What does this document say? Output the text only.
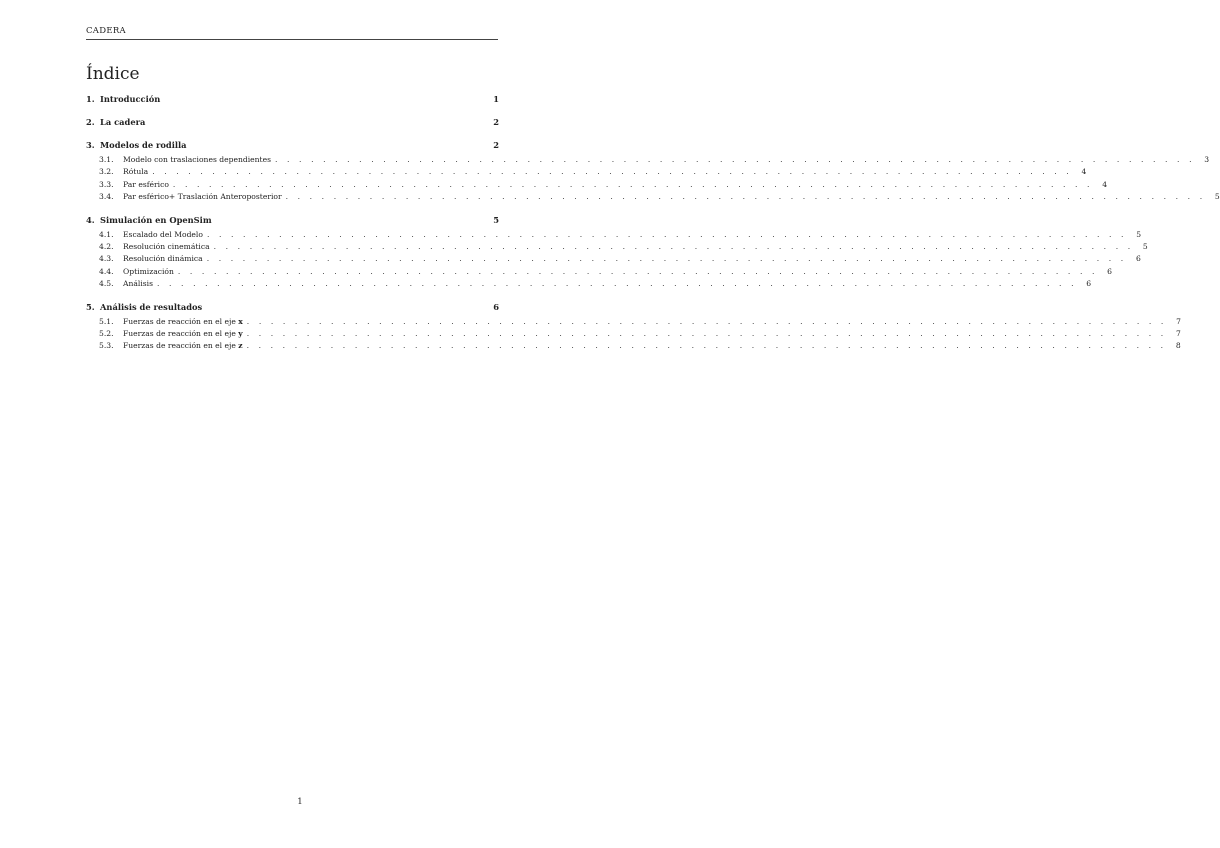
CADERA
Índice
1. Introducción	1
2. La cadera	2
3. Modelos de rodilla	2
3.1.	Modelo con traslaciones dependientes . . . . . . . . . . . . . . . . . . . . . . . . . . . . . . . . . . . . . . . . . . . . . . . . . . . . . . . . . . . . . . . . . . . . . . . . . . . . .	3
3.2.	Rótula . . . . . . . . . . . . . . . . . . . . . . . . . . . . . . . . . . . . . . . . . . . . . . . . . . . . . . . . . . . . . . . . . . . . . . . . . . . . .	4
3.3.	Par esférico . . . . . . . . . . . . . . . . . . . . . . . . . . . . . . . . . . . . . . . . . . . . . . . . . . . . . . . . . . . . . . . . . . . . . . . . . . . . .	4
3.4.	Par esférico+ Traslación Anteroposterior . . . . . . . . . . . . . . . . . . . . . . . . . . . . . . . . . . . . . . . . . . . . . . . . . . . . . . . . . . . . . . . . . . . . . . . . . . . . .	5
4. Simulación en OpenSim	5
4.1.	Escalado del Modelo . . . . . . . . . . . . . . . . . . . . . . . . . . . . . . . . . . . . . . . . . . . . . . . . . . . . . . . . . . . . . . . . . . . . . . . . . . . . .	5
4.2.	Resolución cinemática . . . . . . . . . . . . . . . . . . . . . . . . . . . . . . . . . . . . . . . . . . . . . . . . . . . . . . . . . . . . . . . . . . . . . . . . . . . . .	5
4.3.	Resolución dinámica . . . . . . . . . . . . . . . . . . . . . . . . . . . . . . . . . . . . . . . . . . . . . . . . . . . . . . . . . . . . . . . . . . . . . . . . . . . . .	6
4.4.	Optimización . . . . . . . . . . . . . . . . . . . . . . . . . . . . . . . . . . . . . . . . . . . . . . . . . . . . . . . . . . . . . . . . . . . . . . . . . . . . .	6
4.5.	Análisis . . . . . . . . . . . . . . . . . . . . . . . . . . . . . . . . . . . . . . . . . . . . . . . . . . . . . . . . . . . . . . . . . . . . . . . . . . . . .	6
5. Análisis de resultados	6
5.1.	Fuerzas de reacción en el eje x . . . . . . . . . . . . . . . . . . . . . . . . . . . . . . . . . . . . . . . . . . . . . . . . . . . . . . . . . . . . . . . . . . . . . . . . . . . . .	7
5.2.	Fuerzas de reacción en el eje y . . . . . . . . . . . . . . . . . . . . . . . . . . . . . . . . . . . . . . . . . . . . . . . . . . . . . . . . . . . . . . . . . . . . . . . . . . . . .	7
5.3.	Fuerzas de reacción en el eje z . . . . . . . . . . . . . . . . . . . . . . . . . . . . . . . . . . . . . . . . . . . . . . . . . . . . . . . . . . . . . . . . . . . . . . . . . . . . .	8
1
